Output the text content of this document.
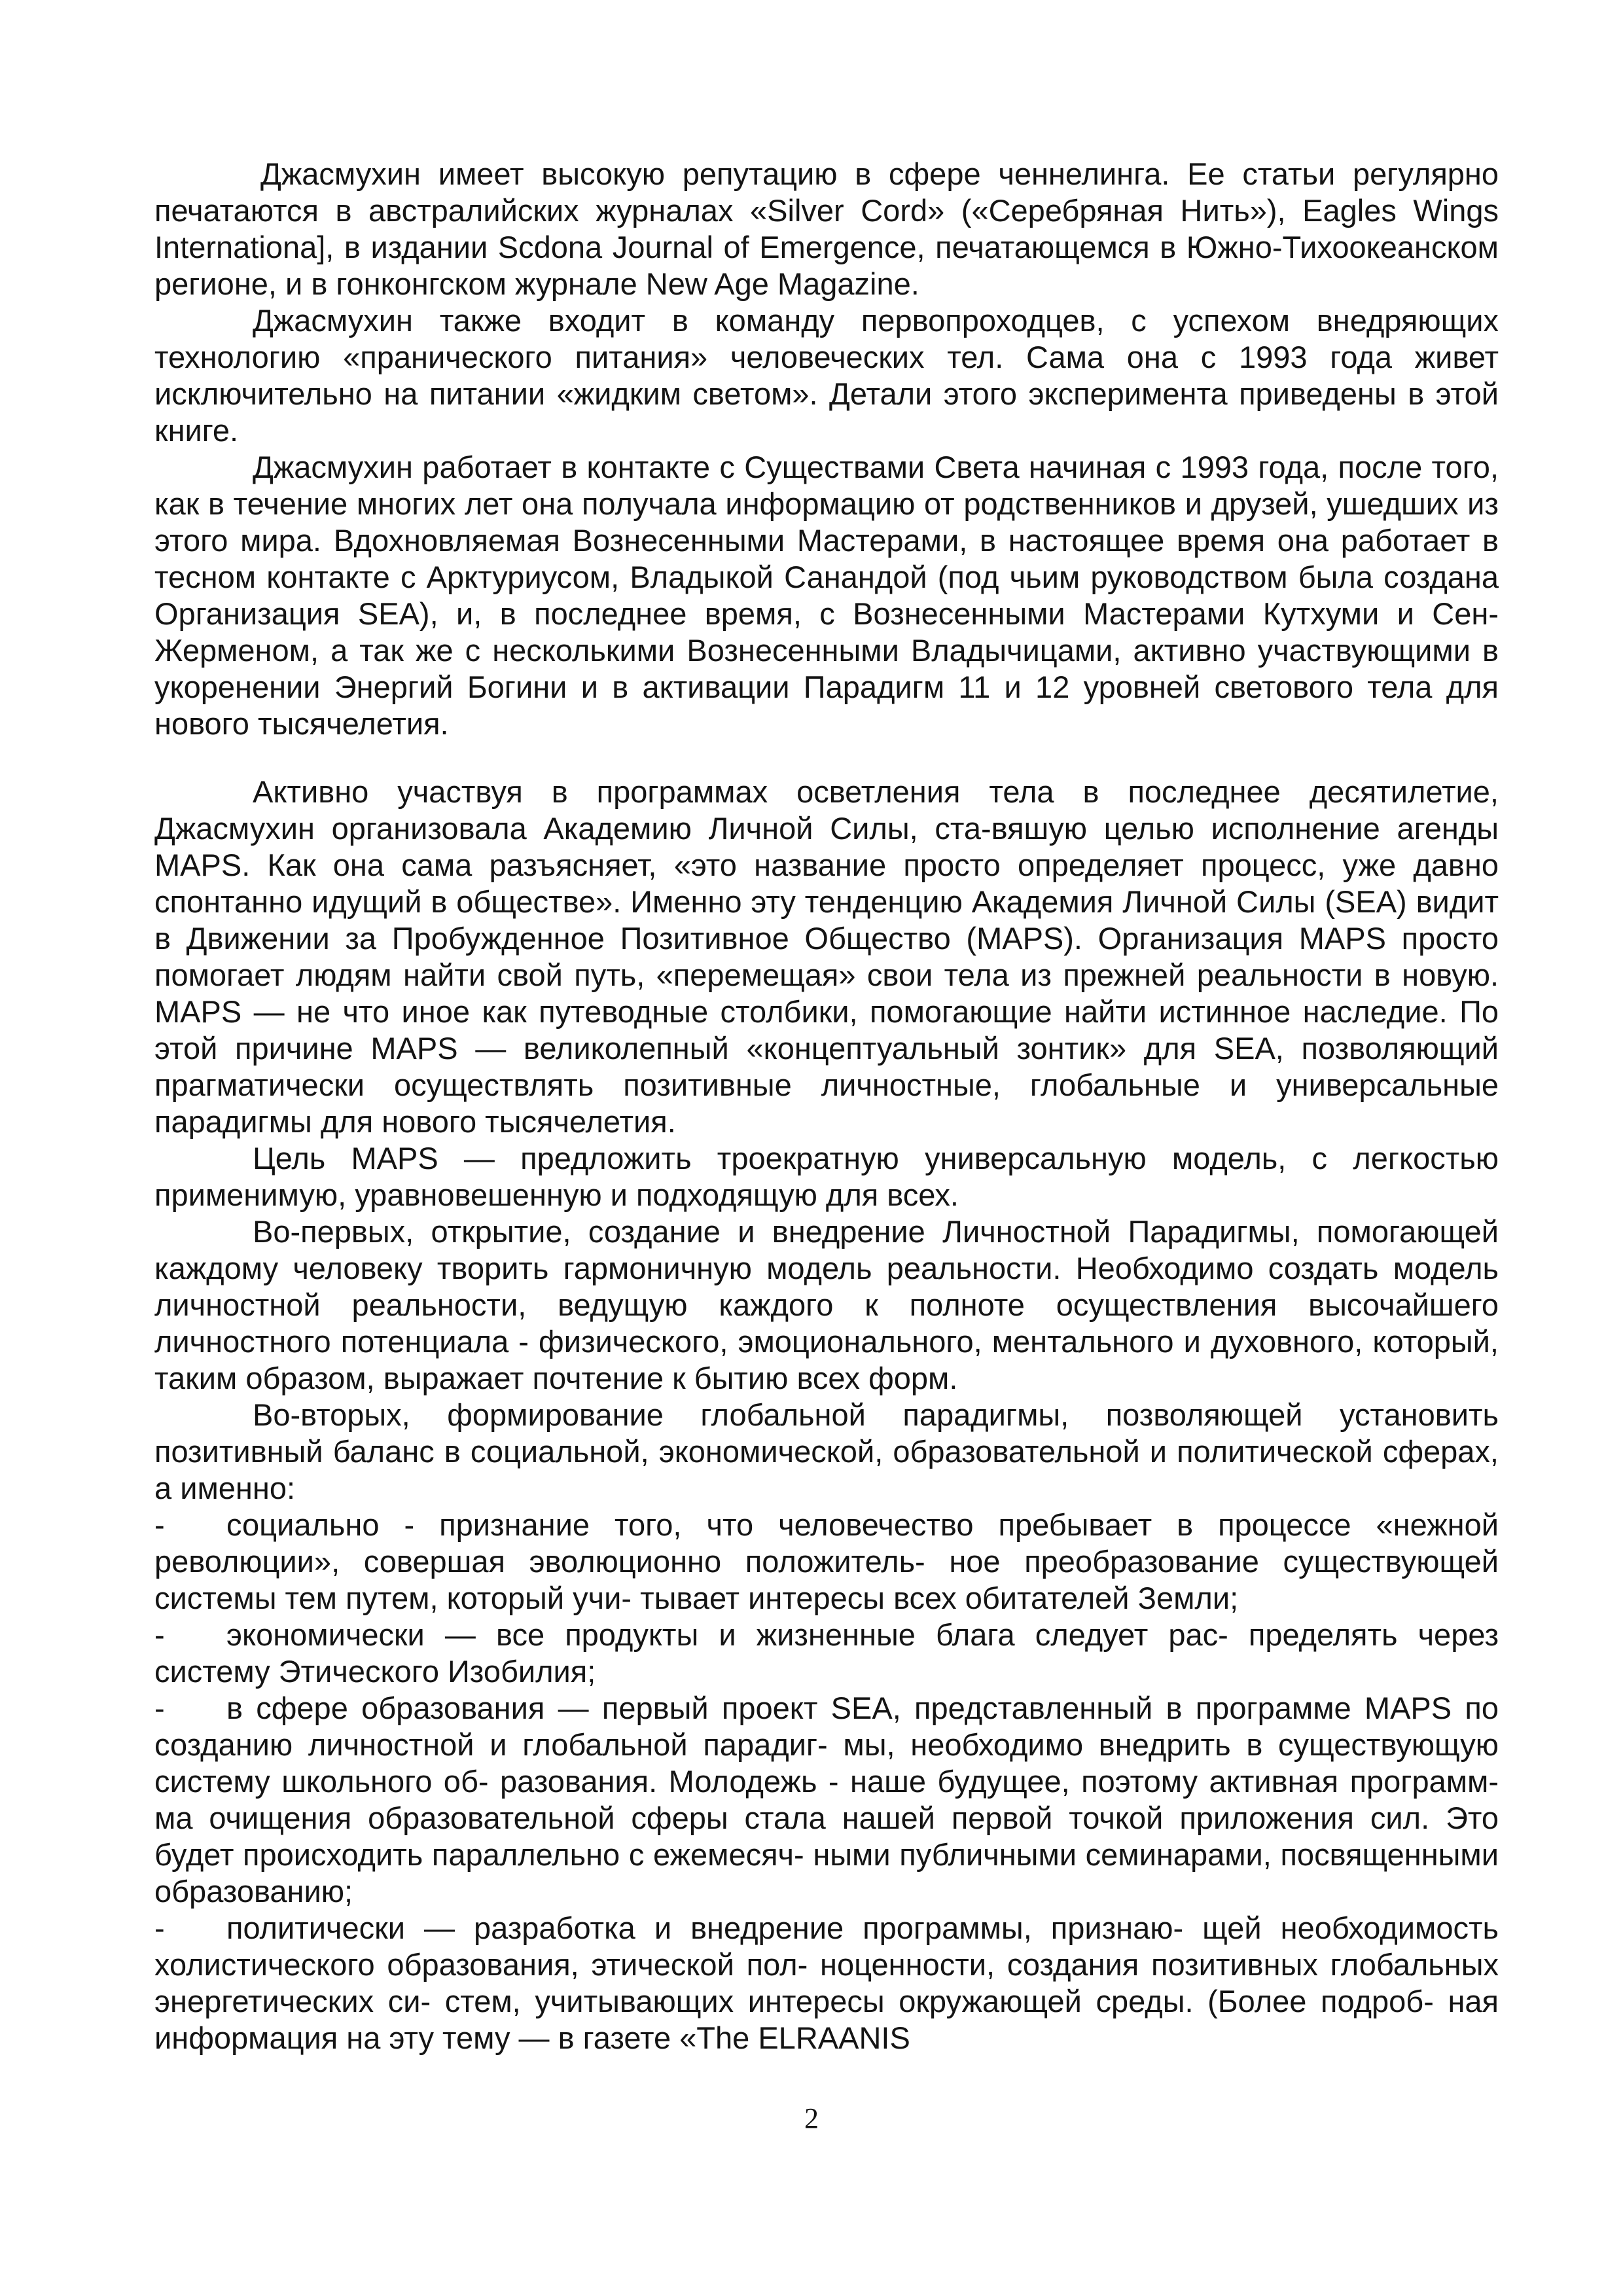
Джасмухин имеет высокую репутацию в сфере ченнелинга. Ее статьи регулярно печатаются в австралийских журналах «Silver Cord» («Серебряная Нить»), Eagles Wings Internationa], в издании Scdona Journal of Emergence, печатающемся в Южно-Тихоокеанском регионе, и в гонконгском журнале New Age Magazine.

Джасмухин также входит в команду первопроходцев, с успехом внедряющих технологию «пранического питания» человеческих тел. Сама она с 1993 года живет исключительно на питании «жидким светом». Детали этого эксперимента приведены в этой книге.

Джасмухин работает в контакте с Существами Света начиная с 1993 года, после того, как в течение многих лет она получала информацию от родственников и друзей, ушедших из этого мира. Вдохновляемая Вознесенными Мастерами, в настоящее время она работает в тесном контакте с Арктуриусом, Владыкой Санандой (под чьим руководством была создана Организация SEA), и, в последнее время, с Вознесенными Мастерами Кутхуми и Сен-Жерменом, а так же с несколькими Вознесенными Владычицами, активно участвующими в укоренении Энергий Богини и в активации Парадигм 11 и 12 уровней светового тела для нового тысячелетия.

Активно участвуя в программах осветления тела в последнее десятилетие, Джасмухин организовала Академию Личной Силы, ста-вяшую целью исполнение агенды MAPS. Как она сама разъясняет, «это название просто определяет процесс, уже давно спонтанно идущий в обществе». Именно эту тенденцию Академия Личной Силы (SEA) видит в Движении за Пробужденное Позитивное Общество (MAPS). Организация MAPS просто помогает людям найти свой путь, «перемещая» свои тела из прежней реальности в новую. MAPS — не что иное как путеводные столбики, помогающие найти истинное наследие. По этой причине MAPS — великолепный «концептуальный зонтик» для SEA, позволяющий прагматически осуществлять позитивные личностные, глобальные и универсальные парадигмы для нового тысячелетия.

Цель MAPS — предложить троекратную универсальную модель, с легкостью применимую, уравновешенную и подходящую для всех.

Во-первых, открытие, создание и внедрение Личностной Парадигмы, помогающей каждому человеку творить гармоничную модель реальности. Необходимо создать модель личностной реальности, ведущую каждого к полноте осуществления высочайшего личностного потенциала - физического, эмоционального, ментального и духовного, который, таким образом, выражает почтение к бытию всех форм.

Во-вторых, формирование глобальной парадигмы, позволяющей установить позитивный баланс в социальной, экономической, образовательной и политической сферах, а именно:

- социально - признание того, что человечество пребывает в процессе «нежной революции», совершая эволюционно положитель- ное преобразование существующей системы тем путем, который учи- тывает интересы всех обитателей Земли;

- экономически — все продукты и жизненные блага следует рас- пределять через систему Этического Изобилия;

- в сфере образования — первый проект SEA, представленный в программе MAPS по созданию личностной и глобальной парадиг- мы, необходимо внедрить в существующую систему школьного об- разования. Молодежь - наше будущее, поэтому активная программ- ма очищения образовательной сферы стала нашей первой точкой приложения сил. Это будет происходить параллельно с ежемесяч- ными публичными семинарами, посвященными образованию;

- политически — разработка и внедрение программы, признаю- щей необходимость холистического образования, этической пол- ноценности, создания позитивных глобальных энергетических си- стем, учитывающих интересы окружающей среды. (Более подроб- ная информация на эту тему — в газете «The ELRAANIS

2
